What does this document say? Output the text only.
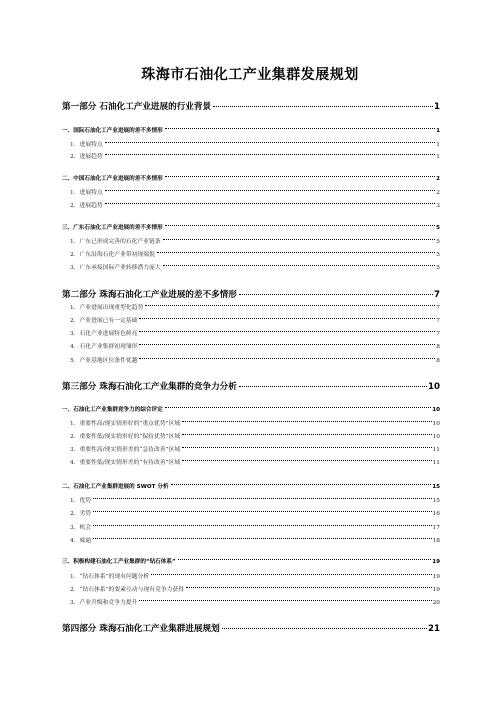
珠海市石油化工产业集群发展规划
第一部分 石油化工产业进展的行业背景	1
一、国际石油化工产业进展的差不多情形	1
1．进展特点	1
2．进展趋势	1
二、中国石油化工产业进展的差不多情形	2
1．进展特点	2
2．进展趋势	3
三、广东石油化工产业进展的差不多情形	5
1．广东已形成完善的石化产业链条	5
2．广东沿海石化产业带初现端倪	5
3．广东承接国际产业转移潜力庞大	5
第二部分 珠海石油化工产业进展的差不多情形	7
1．产业进展出现重型化趋势	7
2．产业进展已有一定基础	7
3．石化产业进展特色鲜亮	7
4．石化产业集群初现雏形	8
5．产业基地区位条件优越	8
第三部分 珠海石油化工产业集群的竞争力分析	10
一、石油化工产业集群竞争力的综合评定	10
1．重要性高/现实情形好的“重点优势”区域	10
2．重要性低/现实情形好的“保持优势”区域	10
3．重要性高/现实情形差的“急待改善”区域	11
4．重要性低/现实情形差的“有待改善”区域	11
二、石油化工产业集群进展的 SWOT 分析	15
1．优势	15
2．劣势	16
3．机会	17
4．威逼	18
三、积极构建石油化工产业集群的“钻石体系”	19
1．“钻石体系”的现有问题分析	19
2．“钻石体系”的要素互动与现有竞争力获得	19
3．产业升级和竞争力提升	20
第四部分 珠海石油化工产业集群进展规划	21
